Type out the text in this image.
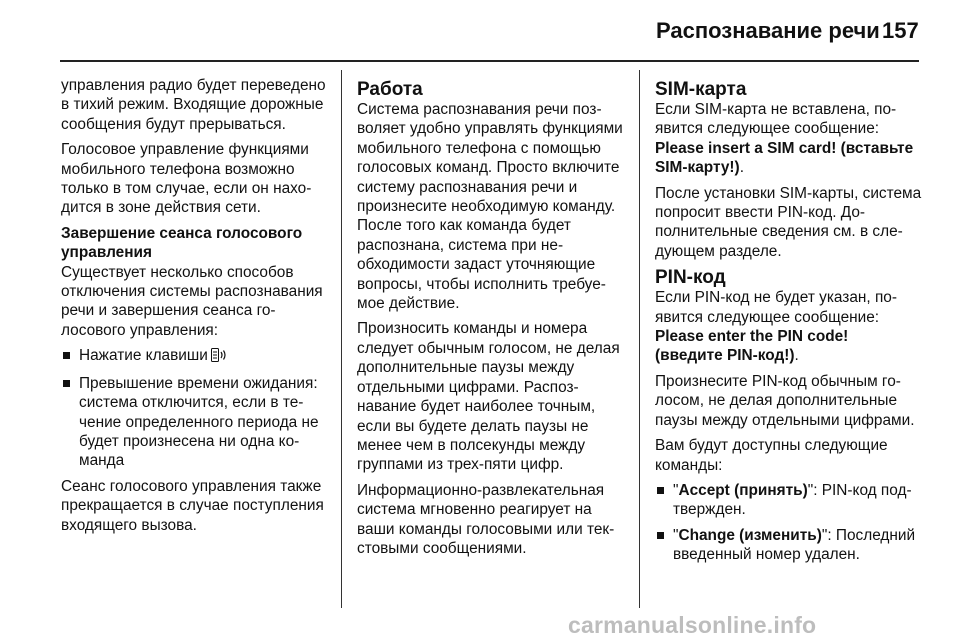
Распознавание речи 157

управления радио будет переведено в тихий режим. Входящие дорожные сообщения будут прерываться.

Голосовое управление функциями мобильного телефона возможно только в том случае, если он находится в зоне действия сети.

Завершение сеанса голосового управления

Существует несколько способов отключения системы распознавания речи и завершения сеанса голосового управления:

Нажатие клавиши
Превышение времени ожидания: система отключится, если в течение определенного периода не будет произнесена ни одна команда

Сеанс голосового управления также прекращается в случае поступления входящего вызова.

Работа

Система распознавания речи позволяет удобно управлять функциями мобильного телефона с помощью голосовых команд. Просто включите систему распознавания речи и произнесите необходимую команду. После того как команда будет распознана, система при необходимости задаст уточняющие вопросы, чтобы исполнить требуемое действие.

Произносить команды и номера следует обычным голосом, не делая дополнительные паузы между отдельными цифрами. Распознавание будет наиболее точным, если вы будете делать паузы не менее чем в полсекунды между группами из трех-пяти цифр.

Информационно-развлекательная система мгновенно реагирует на ваши команды голосовыми или текстовыми сообщениями.

SIM-карта

Если SIM-карта не вставлена, появится следующее сообщение: Please insert a SIM card! (вставьте SIM-карту!).

После установки SIM-карты, система попросит ввести PIN-код. Дополнительные сведения см. в следующем разделе.

PIN-код

Если PIN-код не будет указан, появится следующее сообщение:
Please enter the PIN code!
(введите PIN-код!).

Произнесите PIN-код обычным голосом, не делая дополнительные паузы между отдельными цифрами.

Вам будут доступны следующие команды:

"Accept (принять)": PIN-код подтвержден.
"Change (изменить)": Последний введенный номер удален.
carmanualsonline.info
